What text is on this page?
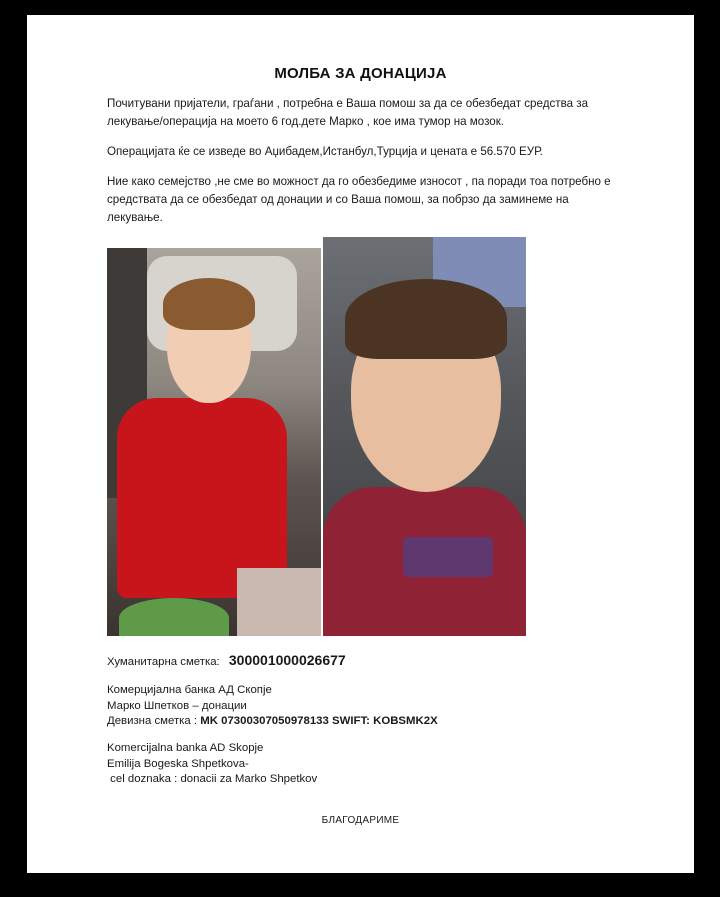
МОЛБА ЗА ДОНАЦИЈА
Почитувани пријатели, граѓани , потребна е Ваша помош за да се обезбедат средства за лекување/операција на моето 6 год.дете Марко , кое има тумор на мозок.
Операцијата ќе се изведе во Аџибадем,Истанбул,Турција и цената е 56.570 ЕУР.
Ние како семејство ,не сме во можност да го обезбедиме износот , па поради тоа потребно е средствата да се обезбедат од донации и со Ваша помош, за побрзо да заминеме на лекување.
Хуманитарна сметка: 300001000026677
Комерцијална банка АД Скопје
Марко Шпетков – донации
Девизна сметка : MK 07300307050978133 SWIFT: KOBSMK2X
Komercijalna banka AD Skopje
Emilija Bogeska Shpetkova-
cel doznaka : donacii za Marko Shpetkov
БЛАГОДАРИМЕ
